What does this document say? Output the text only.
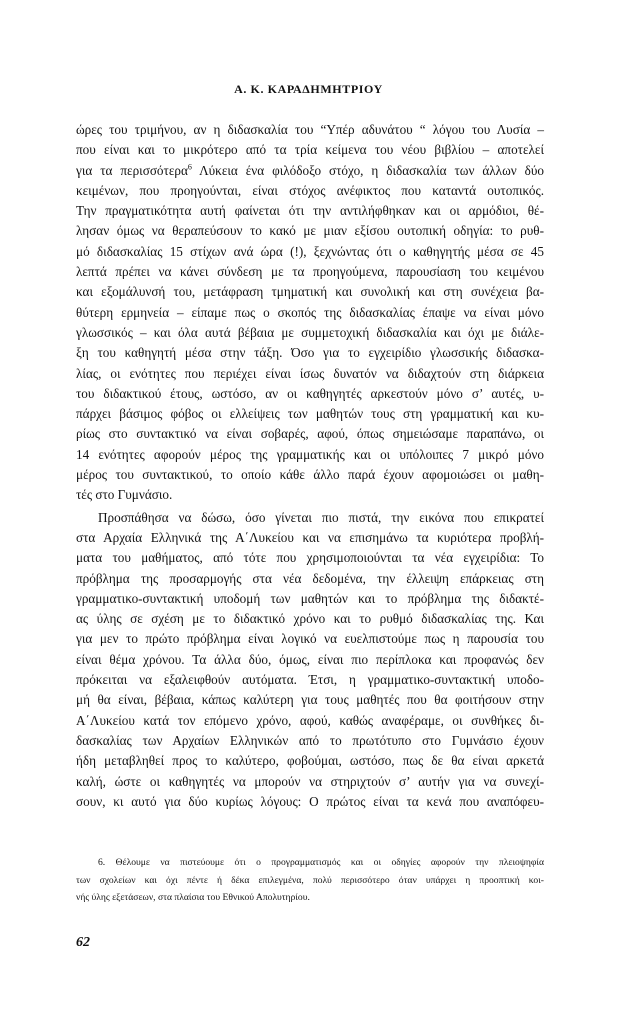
Α. Κ. ΚΑΡΑΔΗΜΗΤΡΙΟΥ
ώρες του τριμήνου, αν η διδασκαλία του “Υπέρ αδυνάτου “ λόγου του Λυσία –
που είναι και το μικρότερο από τα τρία κείμενα του νέου βιβλίου – αποτελεί
για τα περισσότερα$^6$ Λύκεια ένα φιλόδοξο στόχο, η διδασκαλία των άλλων δύο
κειμένων, που προηγούνται, είναι στόχος ανέφικτος που καταντά ουτοπικός.
Την πραγματικότητα αυτή φαίνεται ότι την αντιλήφθηκαν και οι αρμόδιοι, θέ-
λησαν όμως να θεραπεύσουν το κακό με μιαν εξίσου ουτοπική οδηγία: το ρυθ-
μό διδασκαλίας 15 στίχων ανά ώρα (!), ξεχνώντας ότι ο καθηγητής μέσα σε 45
λεπτά πρέπει να κάνει σύνδεση με τα προηγούμενα, παρουσίαση του κειμένου
και εξομάλυνσή του, μετάφραση τμηματική και συνολική και στη συνέχεια βα-
θύτερη ερμηνεία – είπαμε πως ο σκοπός της διδασκαλίας έπαψε να είναι μόνο
γλωσσικός – και όλα αυτά βέβαια με συμμετοχική διδασκαλία και όχι με διάλε-
ξη του καθηγητή μέσα στην τάξη. Όσο για το εγχειρίδιο γλωσσικής διδασκα-
λίας, οι ενότητες που περιέχει είναι ίσως δυνατόν να διδαχτούν στη διάρκεια
του διδακτικού έτους, ωστόσο, αν οι καθηγητές αρκεστούν μόνο σ’ αυτές, υ-
πάρχει βάσιμος φόβος οι ελλείψεις των μαθητών τους στη γραμματική και κυ-
ρίως στο συντακτικό να είναι σοβαρές, αφού, όπως σημειώσαμε παραπάνω, οι
14 ενότητες αφορούν μέρος της γραμματικής και οι υπόλοιπες 7 μικρό μόνο
μέρος του συντακτικού, το οποίο κάθε άλλο παρά έχουν αφομοιώσει οι μαθη-
τές στο Γυμνάσιο.
Προσπάθησα να δώσω, όσο γίνεται πιο πιστά, την εικόνα που επικρατεί
στα Αρχαία Ελληνικά της Α΄Λυκείου και να επισημάνω τα κυριότερα προβλή-
ματα του μαθήματος, από τότε που χρησιμοποιούνται τα νέα εγχειρίδια: Το
πρόβλημα της προσαρμογής στα νέα δεδομένα, την έλλειψη επάρκειας στη
γραμματικο-συντακτική υποδομή των μαθητών και το πρόβλημα της διδακτέ-
ας ύλης σε σχέση με το διδακτικό χρόνο και το ρυθμό διδασκαλίας της. Και
για μεν το πρώτο πρόβλημα είναι λογικό να ευελπιστούμε πως η παρουσία του
είναι θέμα χρόνου. Τα άλλα δύο, όμως, είναι πιο περίπλοκα και προφανώς δεν
πρόκειται να εξαλειφθούν αυτόματα. Έτσι, η γραμματικο-συντακτική υποδο-
μή θα είναι, βέβαια, κάπως καλύτερη για τους μαθητές που θα φοιτήσουν στην
Α΄Λυκείου κατά τον επόμενο χρόνο, αφού, καθώς αναφέραμε, οι συνθήκες δι-
δασκαλίας των Αρχαίων Ελληνικών από το πρωτότυπο στο Γυμνάσιο έχουν
ήδη μεταβληθεί προς το καλύτερο, φοβούμαι, ωστόσο, πως δε θα είναι αρκετά
καλή, ώστε οι καθηγητές να μπορούν να στηριχτούν σ’ αυτήν για να συνεχί-
σουν, κι αυτό για δύο κυρίως λόγους: Ο πρώτος είναι τα κενά που αναπόφευ-
6. Θέλουμε να πιστεύουμε ότι ο προγραμματισμός και οι οδηγίες αφορούν την πλειοψηφία
των σχολείων και όχι πέντε ή δέκα επιλεγμένα, πολύ περισσότερο όταν υπάρχει η προοπτική κοι-
νής ύλης εξετάσεων, στα πλαίσια του Εθνικού Απολυτηρίου.
62
